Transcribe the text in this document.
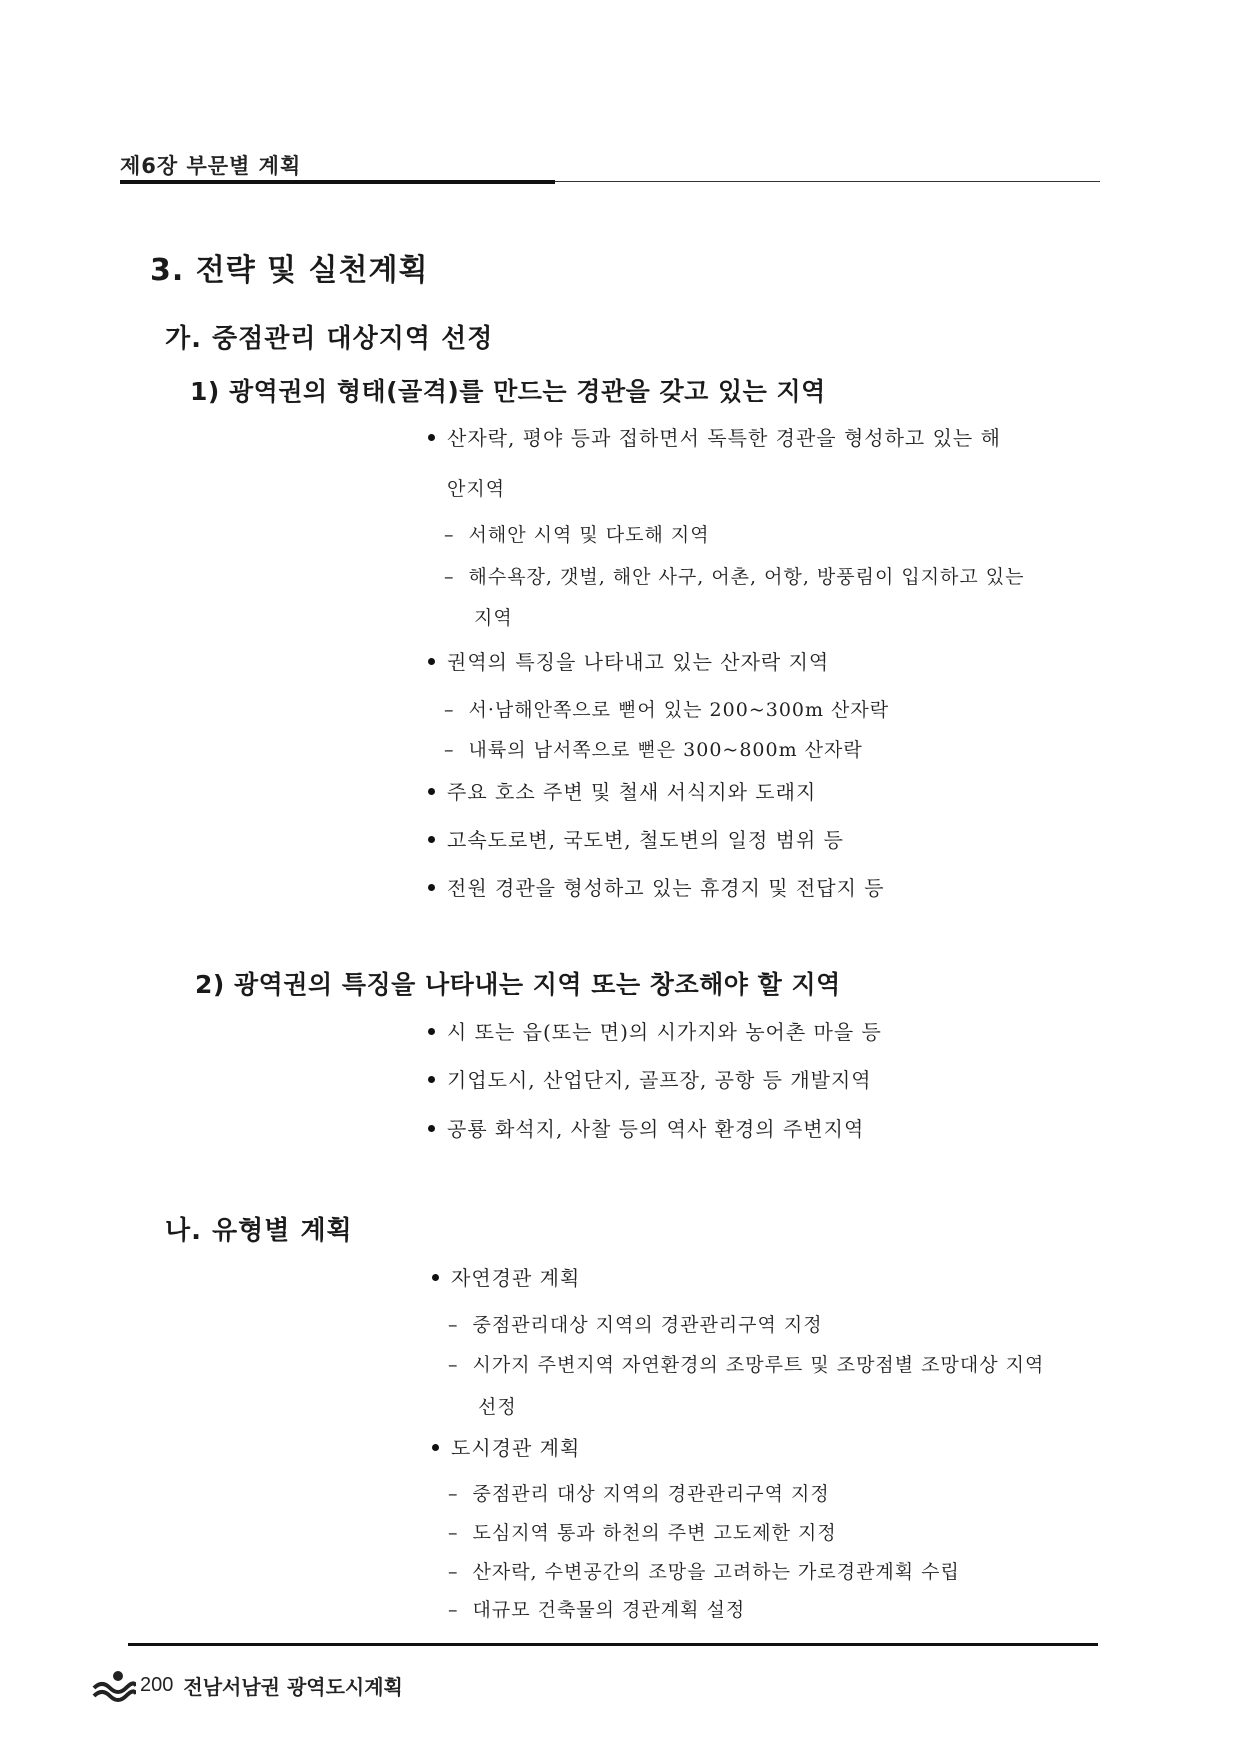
제6장 부문별 계획
3. 전략 및 실천계획
가. 중점관리 대상지역 선정
1) 광역권의 형태(골격)를 만드는 경관을 갖고 있는 지역
산자락, 평야 등과 접하면서 독특한 경관을 형성하고 있는 해
안지역
– 서해안 시역 및 다도해 지역
– 해수욕장, 갯벌, 해안 사구, 어촌, 어항, 방풍림이 입지하고 있는
지역
권역의 특징을 나타내고 있는 산자락 지역
– 서·남해안쪽으로 뻗어 있는 200~300m 산자락
– 내륙의 남서쪽으로 뻗은 300~800m 산자락
주요 호소 주변 및 철새 서식지와 도래지
고속도로변, 국도변, 철도변의 일정 범위 등
전원 경관을 형성하고 있는 휴경지 및 전답지 등
2) 광역권의 특징을 나타내는 지역 또는 창조해야 할 지역
시 또는 읍(또는 면)의 시가지와 농어촌 마을 등
기업도시, 산업단지, 골프장, 공항 등 개발지역
공룡 화석지, 사찰 등의 역사 환경의 주변지역
나. 유형별 계획
자연경관 계획
– 중점관리대상 지역의 경관관리구역 지정
– 시가지 주변지역 자연환경의 조망루트 및 조망점별 조망대상 지역
선정
도시경관 계획
– 중점관리 대상 지역의 경관관리구역 지정
– 도심지역 통과 하천의 주변 고도제한 지정
– 산자락, 수변공간의 조망을 고려하는 가로경관계획 수립
– 대규모 건축물의 경관계획 설정
200 전남서남권 광역도시계획
